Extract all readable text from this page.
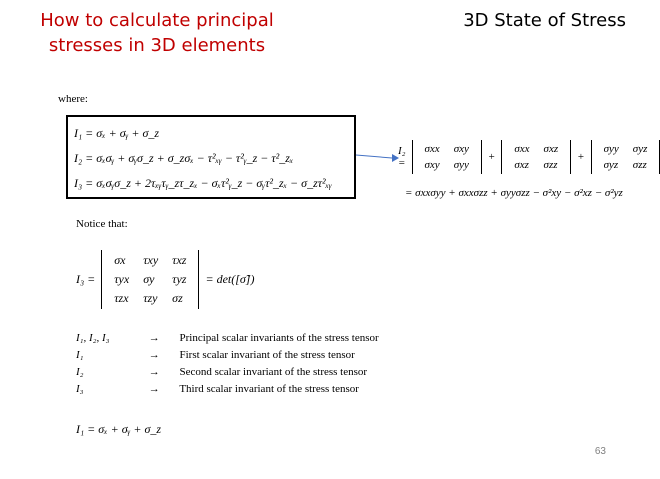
How to calculate principal stresses in 3D elements
3D State of Stress
where:
I₁ = σₓ + σᵧ + σ_z
I₂ = σₓσᵧ + σᵧσ_z + σ_zσₓ − τ²ₓᵧ − τ²ᵧ_z − τ²_zₓ
I₃ = σₓσᵧσ_z + 2τₓᵧτᵧ_zτ_zₓ − σₓτ²ᵧ_z − σᵧτ²_zₓ − σ_zτ²ₓᵧ
I₂ =
σxx	σxy
σxy	σyy
+
σxx	σxz
σxz	σzz
+
σyy	σyz
σyz	σzz
= σxxσyy + σxxσzz + σyyσzz − σ²xy − σ²xz − σ²yz
Notice that:
I₃ =
σx	τxy	τxz
τyx	σy	τyz
τzx	τzy	σz
= det([σ̃])
I₁, I₂, I₃	→ Principal scalar invariants of the stress tensor
I₁	→ First scalar invariant of the stress tensor
I₂	→ Second scalar invariant of the stress tensor
I₃	→ Third scalar invariant of the stress tensor
I₁ = σₓ + σᵧ + σ_z
63
